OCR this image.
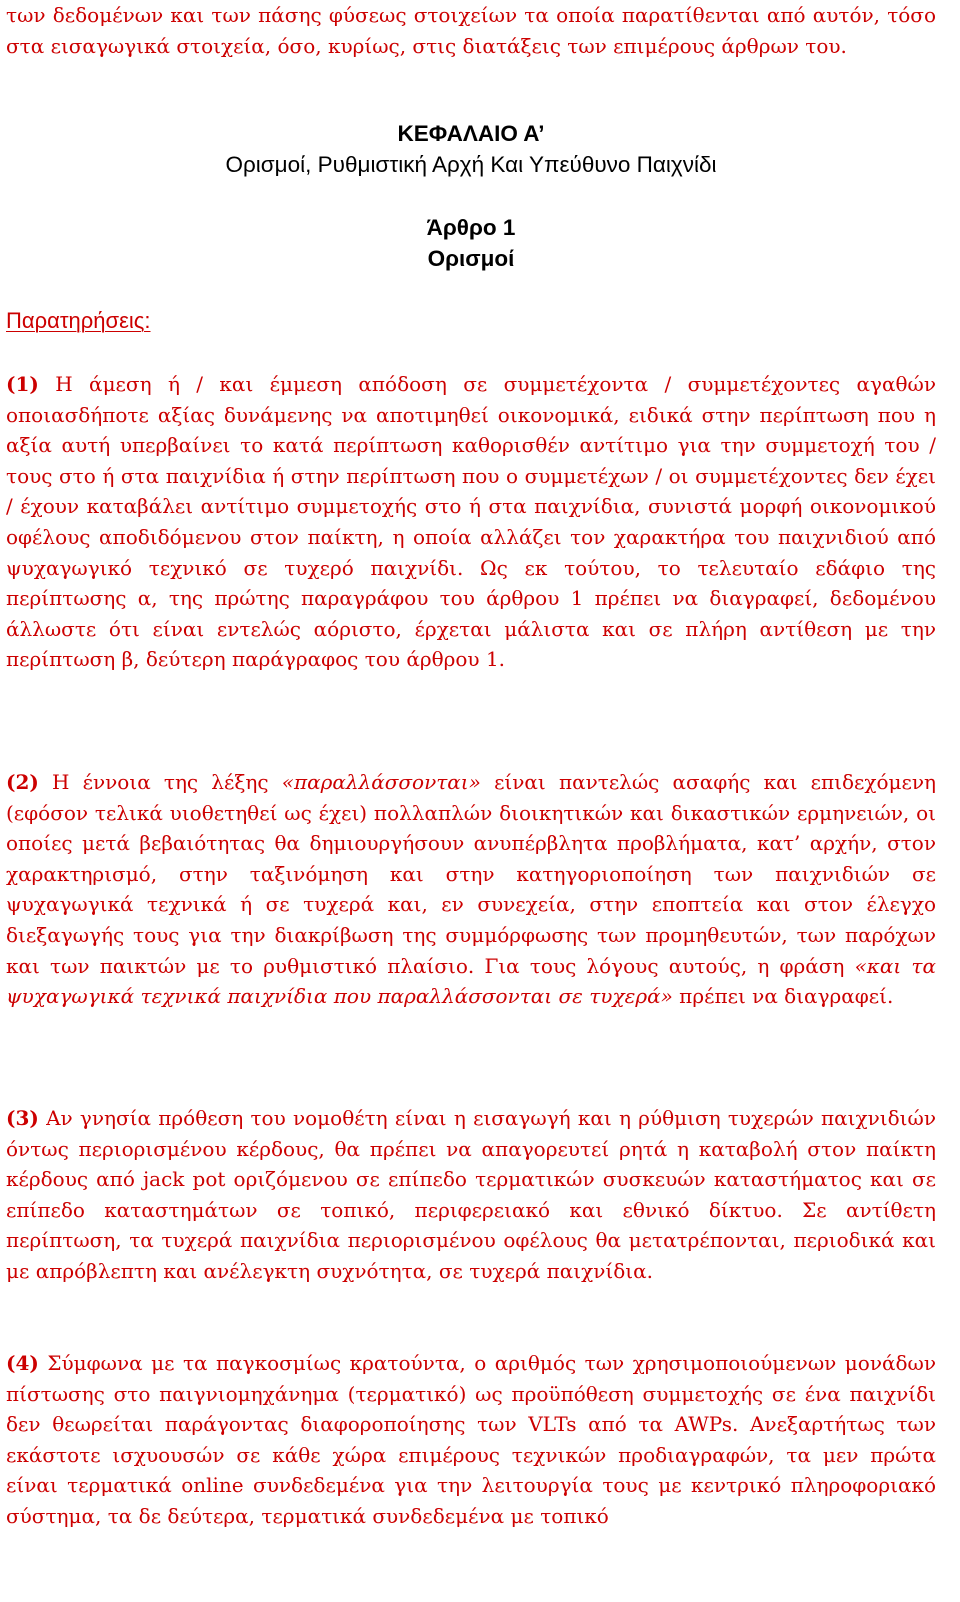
των δεδομένων και των πάσης φύσεως στοιχείων τα οποία παρατίθενται από αυτόν, τόσο στα εισαγωγικά στοιχεία, όσο, κυρίως, στις διατάξεις των επιμέρους άρθρων του.

ΚΕΦΑΛΑΙΟ Α’
Ορισμοί, Ρυθμιστική Αρχή Και Υπεύθυνο Παιχνίδι
Άρθρο 1
Ορισμοί
Παρατηρήσεις:

(1) Η άμεση ή / και έμμεση απόδοση σε συμμετέχοντα / συμμετέχοντες αγαθών οποιασδήποτε αξίας δυνάμενης να αποτιμηθεί οικονομικά, ειδικά στην περίπτωση που η αξία αυτή υπερβαίνει το κατά περίπτωση καθορισθέν αντίτιμο για την συμμετοχή του / τους στο ή στα παιχνίδια ή στην περίπτωση που ο συμμετέχων / οι συμμετέχοντες δεν έχει / έχουν καταβάλει αντίτιμο συμμετοχής στο ή στα παιχνίδια, συνιστά μορφή οικονομικού οφέλους αποδιδόμενου στον παίκτη, η οποία αλλάζει τον χαρακτήρα του παιχνιδιού από ψυχαγωγικό τεχνικό σε τυχερό παιχνίδι. Ως εκ τούτου, το τελευταίο εδάφιο της περίπτωσης α, της πρώτης παραγράφου του άρθρου 1 πρέπει να διαγραφεί, δεδομένου άλλωστε ότι είναι εντελώς αόριστο, έρχεται μάλιστα και σε πλήρη αντίθεση με την περίπτωση β, δεύτερη παράγραφος του άρθρου 1.

(2) Η έννοια της λέξης «παραλλάσσονται» είναι παντελώς ασαφής και επιδεχόμενη (εφόσον τελικά υιοθετηθεί ως έχει) πολλαπλών διοικητικών και δικαστικών ερμηνειών, οι οποίες μετά βεβαιότητας θα δημιουργήσουν ανυπέρβλητα προβλήματα, κατ’ αρχήν, στον χαρακτηρισμό, στην ταξινόμηση και στην κατηγοριοποίηση των παιχνιδιών σε ψυχαγωγικά τεχνικά ή σε τυχερά και, εν συνεχεία, στην εποπτεία και στον έλεγχο διεξαγωγής τους για την διακρίβωση της συμμόρφωσης των προμηθευτών, των παρόχων και των παικτών με το ρυθμιστικό πλαίσιο. Για τους λόγους αυτούς, η φράση «και τα ψυχαγωγικά τεχνικά παιχνίδια που παραλλάσσονται σε τυχερά» πρέπει να διαγραφεί.

(3) Αν γνησία πρόθεση του νομοθέτη είναι η εισαγωγή και η ρύθμιση τυχερών παιχνιδιών όντως περιορισμένου κέρδους, θα πρέπει να απαγορευτεί ρητά η καταβολή στον παίκτη κέρδους από jack pot οριζόμενου σε επίπεδο τερματικών συσκευών καταστήματος και σε επίπεδο καταστημάτων σε τοπικό, περιφερειακό και εθνικό δίκτυο. Σε αντίθετη περίπτωση, τα τυχερά παιχνίδια περιορισμένου οφέλους θα μετατρέπονται, περιοδικά και με απρόβλεπτη και ανέλεγκτη συχνότητα, σε τυχερά παιχνίδια.

(4) Σύμφωνα με τα παγκοσμίως κρατούντα, ο αριθμός των χρησιμοποιούμενων μονάδων πίστωσης στο παιγνιομηχάνημα (τερματικό) ως προϋπόθεση συμμετοχής σε ένα παιχνίδι δεν θεωρείται παράγοντας διαφοροποίησης των VLTs από τα AWPs. Ανεξαρτήτως των εκάστοτε ισχυουσών σε κάθε χώρα επιμέρους τεχνικών προδιαγραφών, τα μεν πρώτα είναι τερματικά online συνδεδεμένα για την λειτουργία τους με κεντρικό πληροφοριακό σύστημα, τα δε δεύτερα, τερματικά συνδεδεμένα με τοπικό
